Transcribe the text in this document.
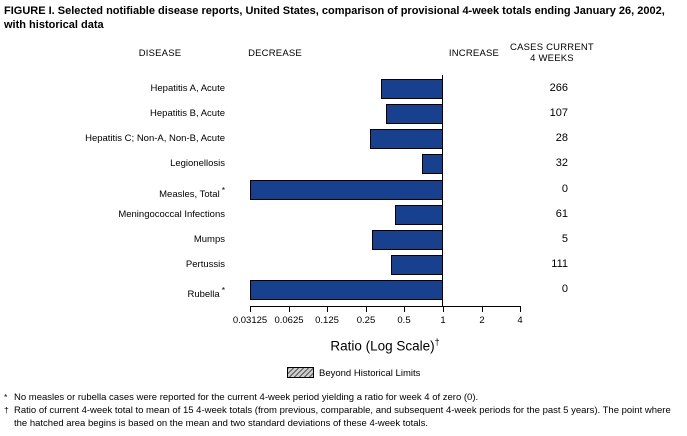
FIGURE I. Selected notifiable disease reports, United States, comparison of provisional 4-week totals ending January 26, 2002, with historical data
DISEASE	DECREASE	INCREASE
CASES CURRENT
4 WEEKS
Hepatitis A, Acute	266
Hepatitis B, Acute	107
Hepatitis C; Non-A, Non-B, Acute	28
Legionellosis	32
Measles, Total *	0
Meningococcal Infections	61
Mumps	5
Pertussis	111
Rubella *	0
0.03125 0.0625	0.125	0.25	0.5	1	2	4
Ratio (Log Scale)†
Beyond Historical Limits
* No measles or rubella cases were reported for the current 4-week period yielding a ratio for week 4 of zero (0).
† Ratio of current 4-week total to mean of 15 4-week totals (from previous, comparable, and subsequent 4-week periods for the past 5 years). The point where the hatched area begins is based on the mean and two standard deviations of these 4-week totals.
